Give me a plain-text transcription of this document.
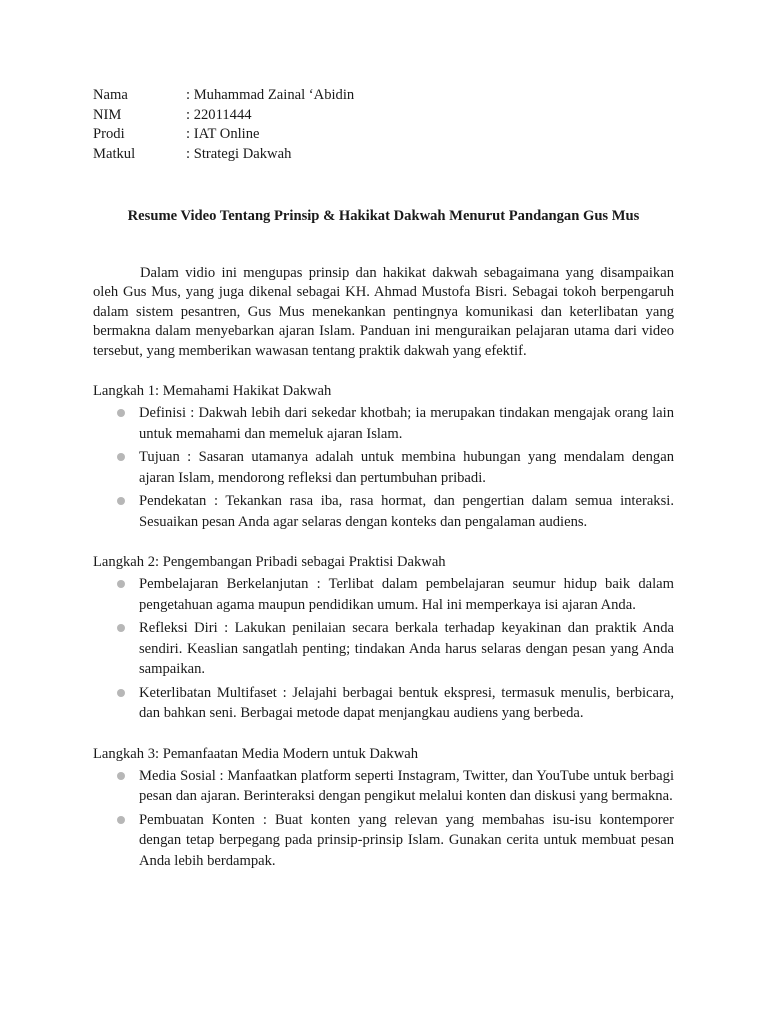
Nama	: Muhammad Zainal ‘Abidin
NIM	: 22011444
Prodi	: IAT Online
Matkul	: Strategi Dakwah
Resume Video Tentang Prinsip & Hakikat Dakwah Menurut Pandangan Gus Mus

Dalam vidio ini mengupas prinsip dan hakikat dakwah sebagaimana yang disampaikan oleh Gus Mus, yang juga dikenal sebagai KH. Ahmad Mustofa Bisri. Sebagai tokoh berpengaruh dalam sistem pesantren, Gus Mus menekankan pentingnya komunikasi dan keterlibatan yang bermakna dalam menyebarkan ajaran Islam. Panduan ini menguraikan pelajaran utama dari video tersebut, yang memberikan wawasan tentang praktik dakwah yang efektif.

Langkah 1: Memahami Hakikat Dakwah
Definisi : Dakwah lebih dari sekedar khotbah; ia merupakan tindakan mengajak orang lain untuk memahami dan memeluk ajaran Islam.
Tujuan : Sasaran utamanya adalah untuk membina hubungan yang mendalam dengan ajaran Islam, mendorong refleksi dan pertumbuhan pribadi.
Pendekatan : Tekankan rasa iba, rasa hormat, dan pengertian dalam semua interaksi. Sesuaikan pesan Anda agar selaras dengan konteks dan pengalaman audiens.
Langkah 2: Pengembangan Pribadi sebagai Praktisi Dakwah
Pembelajaran Berkelanjutan : Terlibat dalam pembelajaran seumur hidup baik dalam pengetahuan agama maupun pendidikan umum. Hal ini memperkaya isi ajaran Anda.
Refleksi Diri : Lakukan penilaian secara berkala terhadap keyakinan dan praktik Anda sendiri. Keaslian sangatlah penting; tindakan Anda harus selaras dengan pesan yang Anda sampaikan.
Keterlibatan Multifaset : Jelajahi berbagai bentuk ekspresi, termasuk menulis, berbicara, dan bahkan seni. Berbagai metode dapat menjangkau audiens yang berbeda.
Langkah 3: Pemanfaatan Media Modern untuk Dakwah
Media Sosial : Manfaatkan platform seperti Instagram, Twitter, dan YouTube untuk berbagi pesan dan ajaran. Berinteraksi dengan pengikut melalui konten dan diskusi yang bermakna.
Pembuatan Konten : Buat konten yang relevan yang membahas isu-isu kontemporer dengan tetap berpegang pada prinsip-prinsip Islam. Gunakan cerita untuk membuat pesan Anda lebih berdampak.
